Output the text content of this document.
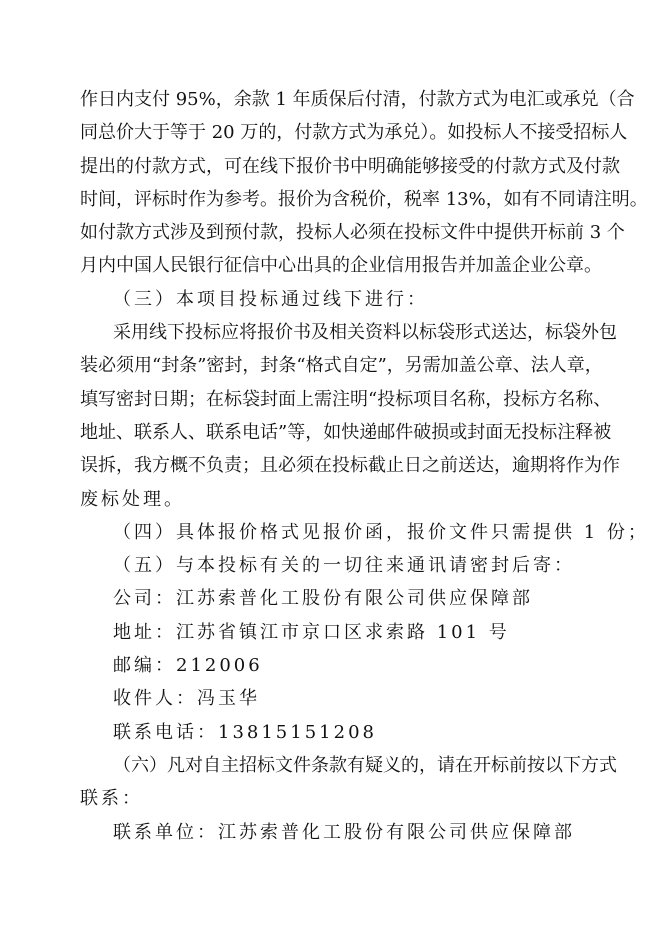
作日内支付 95%，余款 1 年质保后付清，付款方式为电汇或承兑（合
同总价大于等于 20 万的，付款方式为承兑）。如投标人不接受招标人
提出的付款方式，可在线下报价书中明确能够接受的付款方式及付款
时间，评标时作为参考。报价为含税价，税率 13%，如有不同请注明。
如付款方式涉及到预付款，投标人必须在投标文件中提供开标前 3 个
月内中国人民银行征信中心出具的企业信用报告并加盖企业公章。
（三）本项目投标通过线下进行：
采用线下投标应将报价书及相关资料以标袋形式送达，标袋外包
装必须用“封条”密封，封条“格式自定”，另需加盖公章、法人章，
填写密封日期；在标袋封面上需注明“投标项目名称，投标方名称、
地址、联系人、联系电话”等，如快递邮件破损或封面无投标注释被
误拆，我方概不负责；且必须在投标截止日之前送达，逾期将作为作
废标处理。
（四）具体报价格式见报价函，报价文件只需提供 1 份；
（五）与本投标有关的一切往来通讯请密封后寄：
公司：江苏索普化工股份有限公司供应保障部
地址：江苏省镇江市京口区求索路 101 号
邮编：212006
收件人：冯玉华
联系电话：13815151208
（六）凡对自主招标文件条款有疑义的，请在开标前按以下方式
联系：
联系单位：江苏索普化工股份有限公司供应保障部
